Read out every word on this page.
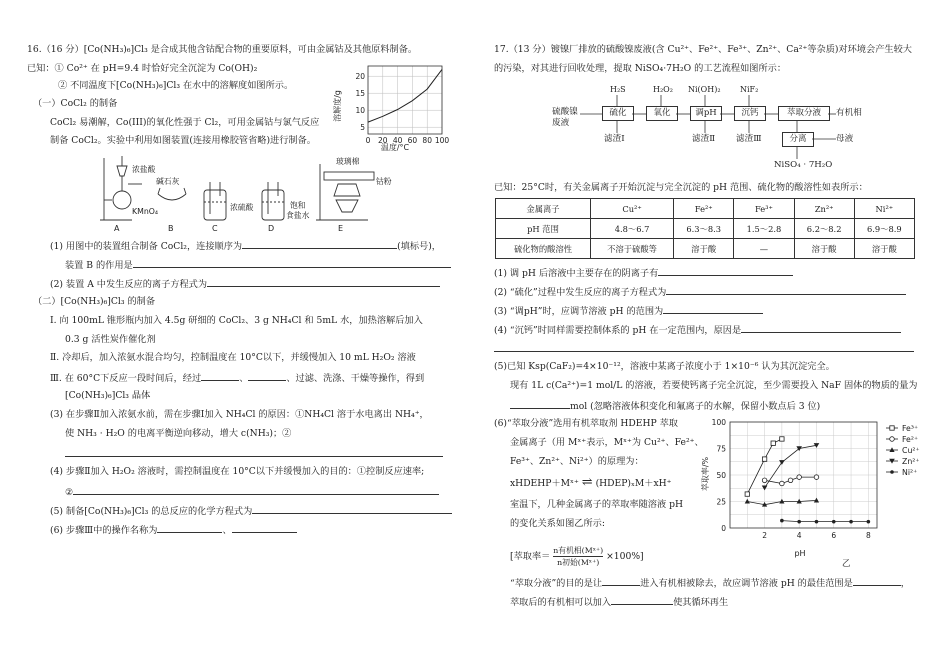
16.（16 分）[Co(NH₃)₆]Cl₃ 是合成其他含钴配合物的重要原料，可由金属钴及其他原料制备。
已知：① Co²⁺ 在 pH=9.4 时恰好完全沉淀为 Co(OH)₂
② 不同温度下[Co(NH₃)₆]Cl₃ 在水中的溶解度如图所示。
（一）CoCl₂ 的制备
CoCl₂ 易潮解，Co(III)的氧化性强于 Cl₂，可用金属钴与氯气反应
制备 CoCl₂。实验中利用如图装置(连接用橡胶管省略)进行制备。
溶解度/g
5
10
15
20
0 20 40 60 80 100
温度/°C
浓盐酸
KMnO₄
A
碱石灰
B	C
浓硫酸
D
饱和
食盐水
玻璃棉
钴粉
E
(1) 用图中的装置组合制备 CoCl₂，连接顺序为	(填标号)，
装置 B 的作用是
(2) 装置 A 中发生反应的离子方程式为
（二）[Co(NH₃)₆]Cl₃ 的制备
Ⅰ. 向 100mL 锥形瓶内加入 4.5g 研细的 CoCl₂、3 g NH₄Cl 和 5mL 水，加热溶解后加入
0.3 g 活性炭作催化剂
Ⅱ. 冷却后，加入浓氨水混合均匀，控制温度在 10°C以下，并缓慢加入 10 mL H₂O₂ 溶液
Ⅲ. 在 60°C下反应一段时间后，经过	、	、过滤、洗涤、干燥等操作，得到
[Co(NH₃)₆]Cl₃ 晶体
(3) 在步骤Ⅱ加入浓氨水前，需在步骤Ⅰ加入 NH₄Cl 的原因：①NH₄Cl 溶于水电离出 NH₄⁺，
使 NH₃ · H₂O 的电离平衡逆向移动，增大 c(NH₃)；②
(4) 步骤Ⅱ加入 H₂O₂ 溶液时，需控制温度在 10°C以下并缓慢加入的目的：①控制反应速率;
②
(5) 制备[Co(NH₃)₆]Cl₃ 的总反应的化学方程式为
(6) 步骤Ⅲ中的操作名称为	、
17.（13 分）镀镍厂排放的硫酸镍废液(含 Cu²⁺、Fe²⁺、Fe³⁺、Zn²⁺、Ca²⁺等杂质)对环境会产生较大
的污染，对其进行回收处理，提取 NiSO₄·7H₂O 的工艺流程如图所示：
硫酸镍
废液
H₂S	H₂O₂ Ni(OH)₂ NiF₂
硫化	氧化	调pH	沉钙	萃取分液	有机相
分离	母液
滤渣Ⅰ	滤渣Ⅱ 滤渣Ⅲ
NiSO₄ · 7H₂O
已知：25°C时，有关金属离子开始沉淀与完全沉淀的 pH 范围、硫化物的酸溶性如表所示：
金属离子	Cu²⁺	Fe²⁺	Fe³⁺	Zn²⁺	Ni²⁺
pH 范围	4.8～6.7	6.3～8.3	1.5～2.8	6.2～8.2	6.9～8.9
硫化物的酸溶性	不溶于硫酸等	溶于酸	—	溶于酸	溶于酸
(1) 调 pH 后溶液中主要存在的阴离子有
(2) “硫化”过程中发生反应的离子方程式为
(3) “调pH”时，应调节溶液 pH 的范围为
(4) “沉钙”时同样需要控制体系的 pH 在一定范围内，原因是
(5)已知 Ksp(CaF₂)=4×10⁻¹²，溶液中某离子浓度小于 1×10⁻⁶ 认为其沉淀完全。
现有 1L c(Ca²⁺)=1 mol/L 的溶液，若要使钙离子完全沉淀，至少需要投入 NaF 固体的物质的量为
mol (忽略溶液体积变化和氟离子的水解，保留小数点后 3 位)
(6)“萃取分液”选用有机萃取剂 HDEHP 萃取
金属离子（用 Mˣ⁺表示，Mˣ⁺为 Cu²⁺、Fe²⁺、
Fe³⁺、Zn²⁺、Ni²⁺）的原理为：
xHDEHP＋Mˣ⁺ ⇌ (HDEP)ₓM＋xH⁺
室温下，几种金属离子的萃取率随溶液 pH
的变化关系如图乙所示:
[萃取率＝
n有机相(Mˣ⁺)
n初始(Mˣ⁺)
×100%]
“萃取分液”的目的是让	进入有机相被除去，故应调节溶液 pH 的最佳范围是	，
萃取后的有机相可以加入	使其循环再生
萃取率/%
0
25
50
75
100
2	4	6	8
Fe³⁺
Fe²⁺
Cu²⁺
Zn²⁺
Ni²⁺
pH
乙
